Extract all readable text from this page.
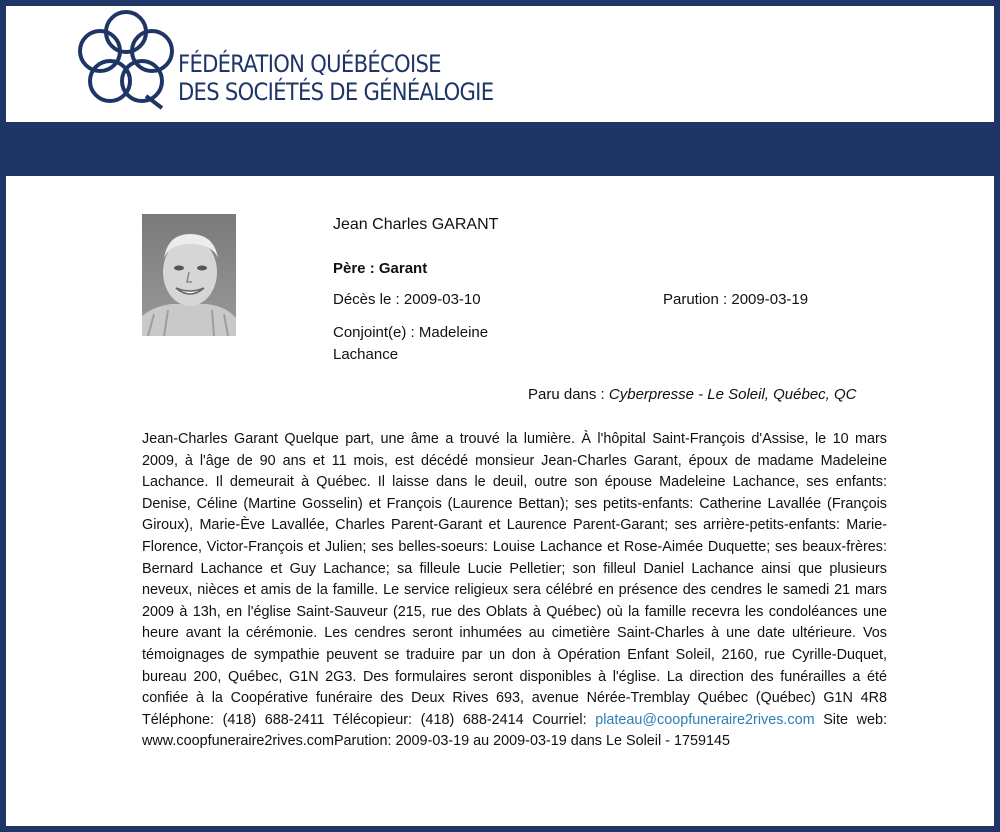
FÉDÉRATION QUÉBÉCOISE
DES SOCIÉTÉS DE GÉNÉALOGIE
Jean Charles GARANT
Père : Garant
Décès le : 2009-03-10	Parution : 2009-03-19
Conjoint(e) : Madeleine Lachance
Paru dans : Cyberpresse - Le Soleil, Québec, QC
Jean-Charles Garant Quelque part, une âme a trouvé la lumière. À l'hôpital Saint-François d'Assise, le 10 mars 2009, à l'âge de 90 ans et 11 mois, est décédé monsieur Jean-Charles Garant, époux de madame Madeleine Lachance. Il demeurait à Québec. Il laisse dans le deuil, outre son épouse Madeleine Lachance, ses enfants: Denise, Céline (Martine Gosselin) et François (Laurence Bettan); ses petits-enfants: Catherine Lavallée (François Giroux), Marie-Ève Lavallée, Charles Parent-Garant et Laurence Parent-Garant; ses arrière-petits-enfants: Marie-Florence, Victor-François et Julien; ses belles-soeurs: Louise Lachance et Rose-Aimée Duquette; ses beaux-frères: Bernard Lachance et Guy Lachance; sa filleule Lucie Pelletier; son filleul Daniel Lachance ainsi que plusieurs neveux, nièces et amis de la famille. Le service religieux sera célébré en présence des cendres le samedi 21 mars 2009 à 13h, en l'église Saint-Sauveur (215, rue des Oblats à Québec) où la famille recevra les condoléances une heure avant la cérémonie. Les cendres seront inhumées au cimetière Saint-Charles à une date ultérieure. Vos témoignages de sympathie peuvent se traduire par un don à Opération Enfant Soleil, 2160, rue Cyrille-Duquet, bureau 200, Québec, G1N 2G3. Des formulaires seront disponibles à l'église. La direction des funérailles a été confiée à la Coopérative funéraire des Deux Rives 693, avenue Nérée-Tremblay Québec (Québec) G1N 4R8 Téléphone: (418) 688-2411 Télécopieur: (418) 688-2414 Courriel: plateau@coopfuneraire2rives.com Site web: www.coopfuneraire2rives.comParution: 2009-03-19 au 2009-03-19 dans Le Soleil - 1759145
